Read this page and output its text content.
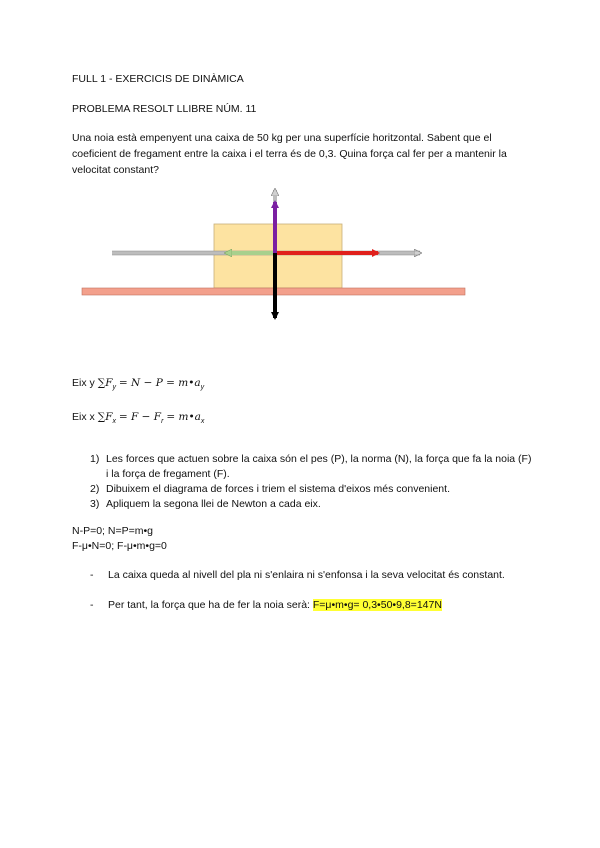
FULL 1 - EXERCICIS DE DINÀMICA
PROBLEMA RESOLT LLIBRE NÚM. 11
Una noia està empenyent una caixa de 50 kg per una superfície horitzontal. Sabent que el coeficient de fregament entre la caixa i el terra és de 0,3. Quina força cal fer per a mantenir la velocitat constant?
Eix y $\sum F_y = N - P$ = $m•a_y$
Eix x $\sum F_x = F - F_r$ = $m•a_x$
1) Les forces que actuen sobre la caixa són el pes (P), la norma (N), la força que fa la noia (F) i la força de fregament (F).
2) Dibuixem el diagrama de forces i triem el sistema d'eixos més convenient.
3) Apliquem la segona llei de Newton a cada eix.
N-P=0; N=P=m•g
F-μ•N=0; F-μ•m•g=0
- La caixa queda al nivell del pla ni s'enlaira ni s'enfonsa i la seva velocitat és constant.
- Per tant, la força que ha de fer la noia serà: F=μ•m•g= 0,3•50•9,8=147N
